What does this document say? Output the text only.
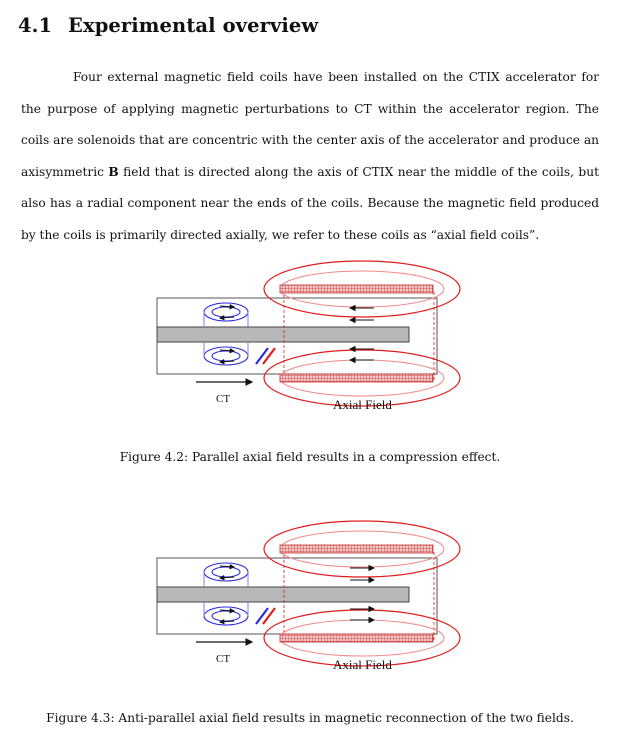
4.1 Experimental overview

Four external magnetic field coils have been installed on the CTIX accelerator for the purpose of applying magnetic perturbations to CT within the accelerator region. The coils are solenoids that are concentric with the center axis of the accelerator and produce an axisymmetric B field that is directed along the axis of CTIX near the middle of the coils, but also has a radial component near the ends of the coils. Because the magnetic field produced by the coils is primarily directed axially, we refer to these coils as “axial field coils”.

CT	Axial Field
Figure 4.2: Parallel axial field results in a compression effect.
CT	Axial Field
Figure 4.3: Anti-parallel axial field results in magnetic reconnection of the two fields.
